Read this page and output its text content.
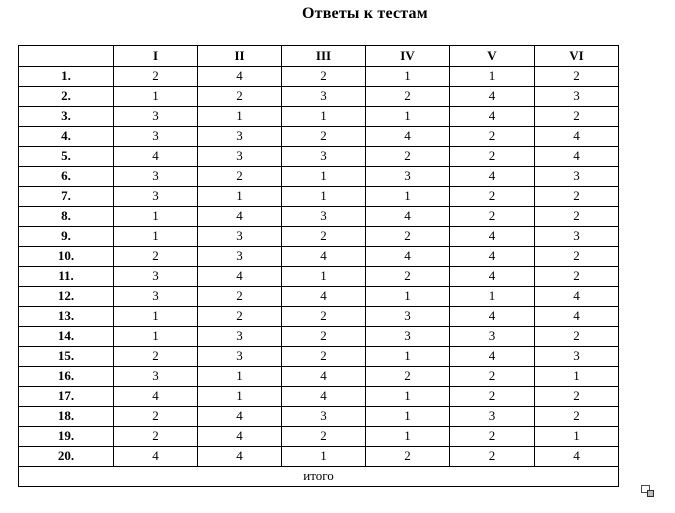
Ответы к тестам
	I	II	III	IV	V	VI
1.	2	4	2	1	1	2
2.	1	2	3	2	4	3
3.	3	1	1	1	4	2
4.	3	3	2	4	2	4
5.	4	3	3	2	2	4
6.	3	2	1	3	4	3
7.	3	1	1	1	2	2
8.	1	4	3	4	2	2
9.	1	3	2	2	4	3
10.	2	3	4	4	4	2
11.	3	4	1	2	4	2
12.	3	2	4	1	1	4
13.	1	2	2	3	4	4
14.	1	3	2	3	3	2
15.	2	3	2	1	4	3
16.	3	1	4	2	2	1
17.	4	1	4	1	2	2
18.	2	4	3	1	3	2
19.	2	4	2	1	2	1
20.	4	4	1	2	2	4
итого						
